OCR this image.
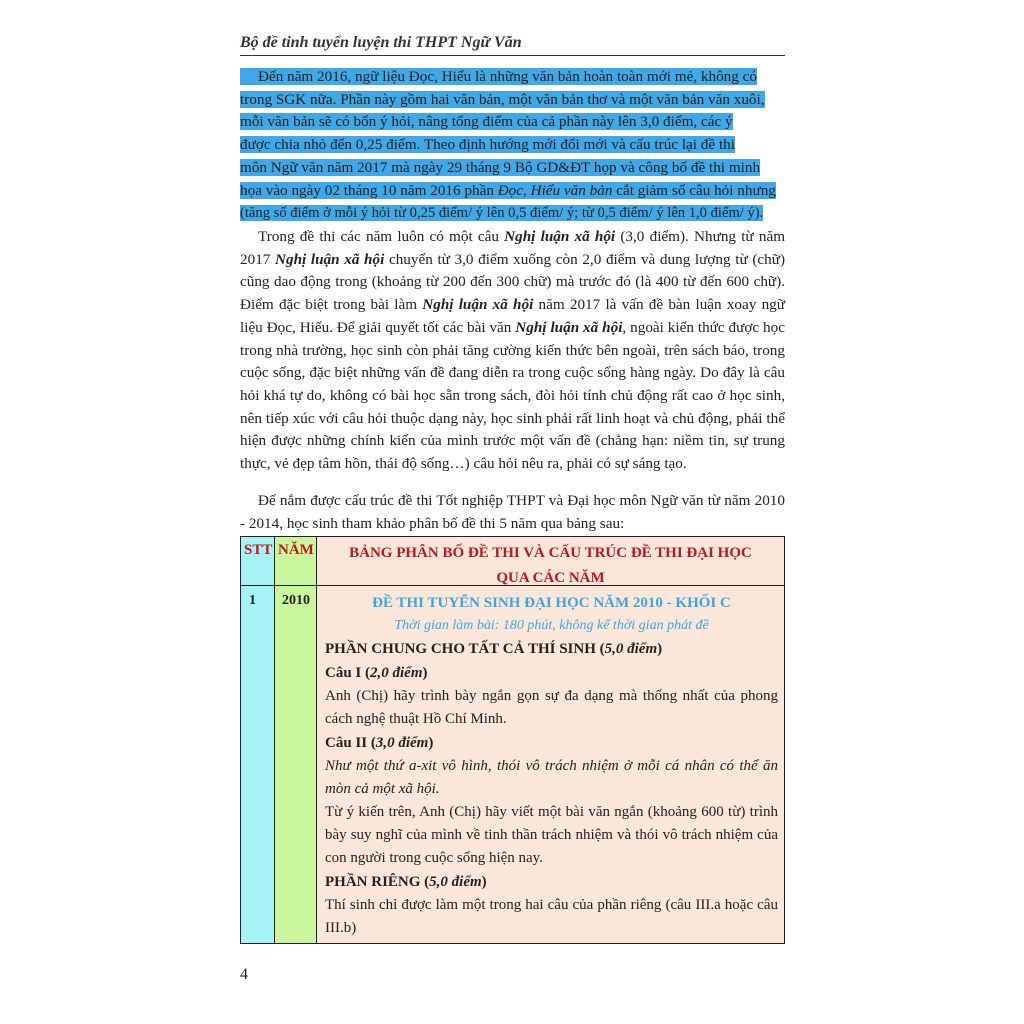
Bộ đề tinh tuyển luyện thi THPT Ngữ Văn
Đến năm 2016, ngữ liệu Đọc, Hiểu là những văn bản hoàn toàn mới mẻ, không có
trong SGK nữa. Phần này gồm hai văn bản, một văn bản thơ và một văn bản văn xuôi,
mỗi văn bản sẽ có bốn ý hỏi, nâng tổng điểm của cả phần này lên 3,0 điểm, các ý
được chia nhỏ đến 0,25 điểm. Theo định hướng mới đổi mới và cấu trúc lại đề thi
môn Ngữ văn năm 2017 mà ngày 29 tháng 9 Bộ GD&ĐT họp và công bố đề thi minh
họa vào ngày 02 tháng 10 năm 2016 phần Đọc, Hiểu văn bản cắt giảm số câu hỏi nhưng
(tăng số điểm ở mỗi ý hỏi từ 0,25 điểm/ ý lên 0,5 điểm/ ý; từ 0,5 điểm/ ý lên 1,0 điểm/ ý).

Trong đề thi các năm luôn có một câu Nghị luận xã hội (3,0 điểm). Nhưng từ năm 2017 Nghị luận xã hội chuyển từ 3,0 điểm xuống còn 2,0 điểm và dung lượng từ (chữ) cũng dao động trong (khoảng từ 200 đến 300 chữ) mà trước đó (là 400 từ đến 600 chữ). Điểm đặc biệt trong bài làm Nghị luận xã hội năm 2017 là vấn đề bàn luận xoay ngữ liệu Đọc, Hiểu. Để giải quyết tốt các bài văn Nghị luận xã hội, ngoài kiến thức được học trong nhà trường, học sinh còn phải tăng cường kiến thức bên ngoài, trên sách báo, trong cuộc sống, đặc biệt những vấn đề đang diễn ra trong cuộc sống hàng ngày. Do đây là câu hỏi khá tự do, không có bài học sẵn trong sách, đòi hỏi tính chủ động rất cao ở học sinh, nên tiếp xúc với câu hỏi thuộc dạng này, học sinh phải rất linh hoạt và chủ động, phải thể hiện được những chính kiến của mình trước một vấn đề (chẳng hạn: niềm tin, sự trung thực, vẻ đẹp tâm hồn, thái độ sống…) câu hỏi nêu ra, phải có sự sáng tạo.

Để nắm được cấu trúc đề thi Tốt nghiệp THPT và Đại học môn Ngữ văn từ năm 2010 - 2014, học sinh tham khảo phân bố đề thi 5 năm qua bảng sau:

STT NĂM	BẢNG PHÂN BỐ ĐỀ THI VÀ CẤU TRÚC ĐỀ THI ĐẠI HỌC
QUA CÁC NĂM
1 2010	ĐỀ THI TUYỂN SINH ĐẠI HỌC NĂM 2010 - KHỐI C
Thời gian làm bài: 180 phút, không kể thời gian phát đề
PHẦN CHUNG CHO TẤT CẢ THÍ SINH (5,0 điểm)
Câu I (2,0 điểm)
Anh (Chị) hãy trình bày ngắn gọn sự đa dạng mà thống nhất của phong cách nghệ thuật Hồ Chí Minh.
Câu II (3,0 điểm)
Như một thứ a-xit vô hình, thói vô trách nhiệm ở mỗi cá nhân có thể ăn mòn cả một xã hội.
Từ ý kiến trên, Anh (Chị) hãy viết một bài văn ngắn (khoảng 600 từ) trình bày suy nghĩ của mình về tinh thần trách nhiệm và thói vô trách nhiệm của con người trong cuộc sống hiện nay.
PHẦN RIÊNG (5,0 điểm)
Thí sinh chỉ được làm một trong hai câu của phần riêng (câu III.a hoặc câu III.b)
4
